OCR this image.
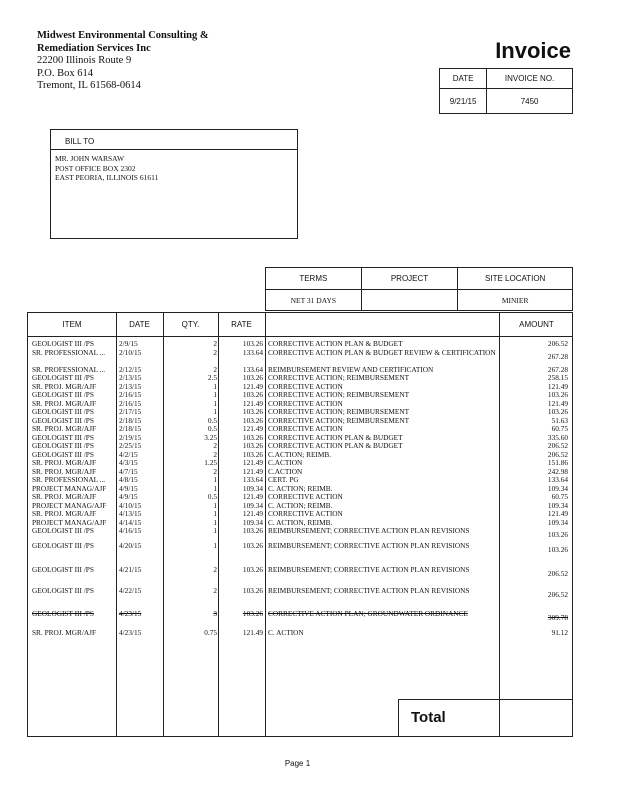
Midwest Environmental Consulting &
Remediation Services Inc
22200 Illinois Route 9
P.O. Box 614
Tremont, IL 61568-0614
Invoice
DATE	INVOICE NO.
9/21/15	7450
BILL TO
MR. JOHN WARSAW
POST OFFICE BOX 2302
EAST PEORIA, ILLINOIS 61611
TERMS	PROJECT	SITE LOCATION
NET 31 DAYS		MINIER
ITEM	DATE	QTY.	RATE	AMOUNT
GEOLOGIST III /PS	2/9/15	2	103.26 CORRECTIVE ACTION PLAN & BUDGET	206.52
SR. PROFESSIONAL ...	2/10/15	2	133.64 CORRECTIVE ACTION PLAN & BUDGET REVIEW & CERTIFICATION	267.28
SR. PROFESSIONAL ...	2/12/15	2	133.64 REIMBURSEMENT REVIEW AND CERTIFICATION	267.28
GEOLOGIST III /PS	2/13/15	2.5	103.26 CORRECTIVE ACTION; REIMBURSEMENT	258.15
SR. PROJ. MGR/AJF	2/13/15	1	121.49 CORRECTIVE ACTION	121.49
GEOLOGIST III /PS	2/16/15	1	103.26 CORRECTIVE ACTION; REIMBURSEMENT	103.26
SR. PROJ. MGR/AJF	2/16/15	1	121.49 CORRECTIVE ACTION	121.49
GEOLOGIST III /PS	2/17/15	1	103.26 CORRECTIVE ACTION; REIMBURSEMENT	103.26
GEOLOGIST III /PS	2/18/15	0.5	103.26 CORRECTIVE ACTION; REIMBURSEMENT	51.63
SR. PROJ. MGR/AJF	2/18/15	0.5	121.49 CORRECTIVE ACTION	60.75
GEOLOGIST III /PS	2/19/15	3.25	103.26 CORRECTIVE ACTION PLAN & BUDGET	335.60
GEOLOGIST III /PS	2/25/15	2	103.26 CORRECTIVE ACTION PLAN & BUDGET	206.52
GEOLOGIST III /PS	4/2/15	2	103.26 C.ACTION; REIMB.	206.52
SR. PROJ. MGR/AJF	4/3/15	1.25	121.49 C.ACTION	151.86
SR. PROJ. MGR/AJF	4/7/15	2	121.49 C.ACTION	242.98
SR. PROFESSIONAL ...	4/8/15	1	133.64 CERT. PG	133.64
PROJECT MANAG/AJF	4/9/15	1	109.34 C. ACTION; REIMB.	109.34
SR. PROJ. MGR/AJF	4/9/15	0.5	121.49 CORRECTIVE ACTION	60.75
PROJECT MANAG/AJF	4/10/15	1	109.34 C. ACTION; REIMB.	109.34
SR. PROJ. MGR/AJF	4/13/15	1	121.49 CORRECTIVE ACTION	121.49
PROJECT MANAG/AJF	4/14/15	1	109.34 C. ACTION, REIMB.	109.34
GEOLOGIST III /PS	4/16/15	1	103.26 REIMBURSEMENT; CORRECTIVE ACTION PLAN REVISIONS	103.26
GEOLOGIST III /PS	4/20/15	1	103.26 REIMBURSEMENT; CORRECTIVE ACTION PLAN REVISIONS	103.26
GEOLOGIST III /PS	4/21/15	2	103.26 REIMBURSEMENT; CORRECTIVE ACTION PLAN REVISIONS	206.52
GEOLOGIST III /PS	4/22/15	2	103.26 REIMBURSEMENT; CORRECTIVE ACTION PLAN REVISIONS	206.52
GEOLOGIST III /PS	4/23/15	3	103.26 CORRECTIVE ACTION PLAN; GROUNDWATER ORDINANCE	309.78
SR. PROJ. MGR/AJF	4/23/15	0.75	121.49 C. ACTION	91.12
Total
Page 1
